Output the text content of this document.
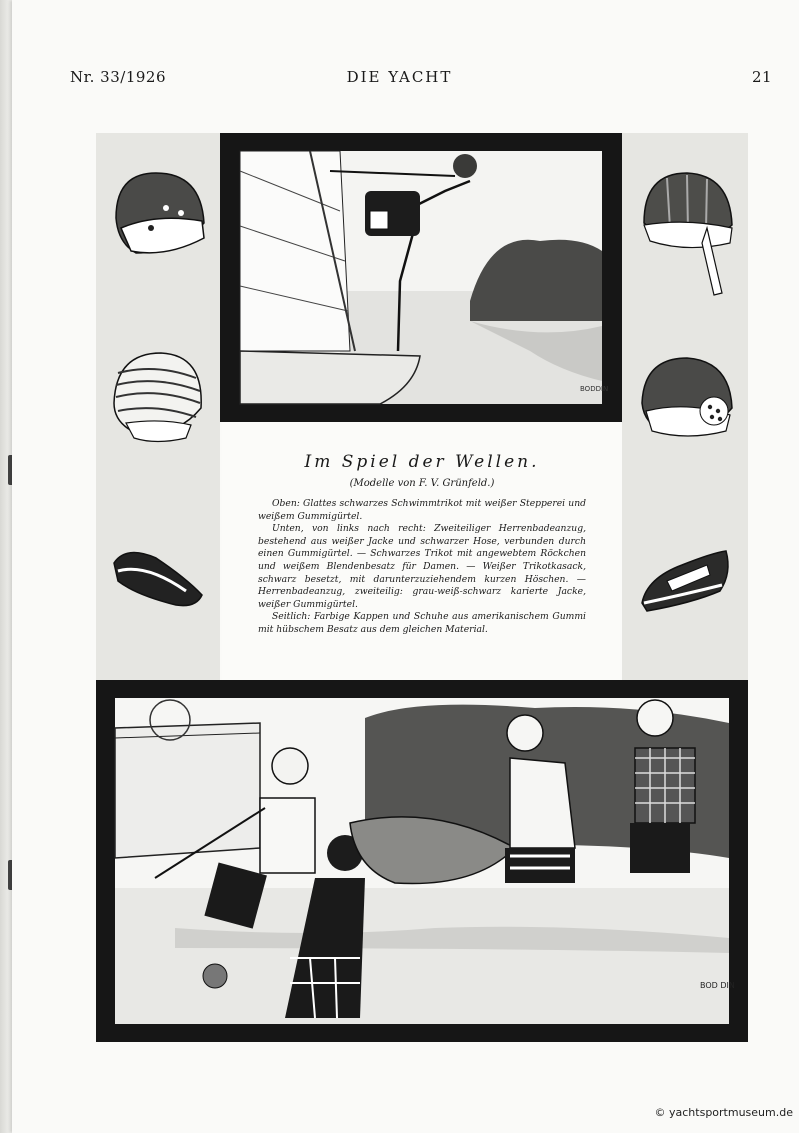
Nr. 33/1926	DIE YACHT	21
BODDIN
Im Spiel der Wellen.
(Modelle von F. V. Grünfeld.)

Oben: Glattes schwarzes Schwimmtrikot mit weißer Stepperei und weißem Gummigürtel.

Unten, von links nach recht: Zweiteiliger Herrenbadeanzug, bestehend aus weißer Jacke und schwarzer Hose, verbunden durch einen Gummigürtel. — Schwarzes Trikot mit angewebtem Röckchen und weißem Blendenbesatz für Damen. — Weißer Trikotkasack, schwarz besetzt, mit darunterzuziehendem kurzen Höschen. — Herrenbadeanzug, zweiteilig: grau-weiß-schwarz karierte Jacke, weißer Gummigürtel.

Seitlich: Farbige Kappen und Schuhe aus amerikanischem Gummi mit hübschem Besatz aus dem gleichen Material.

BOD DIN
© yachtsportmuseum.de
